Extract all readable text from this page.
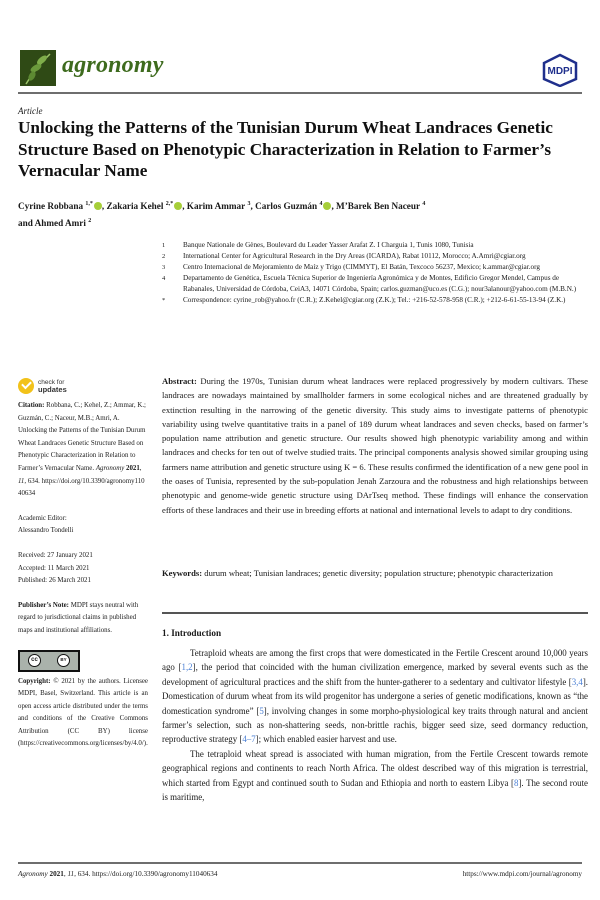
agronomy	MDPI
Article
Unlocking the Patterns of the Tunisian Durum Wheat Landraces Genetic Structure Based on Phenotypic Characterization in Relation to Farmer’s Vernacular Name
Cyrine Robbana $^{1,*}$ , Zakaria Kehel $^{2,*}$ , Karim Ammar $^3$, Carlos Guzmán $^4$ , M’Barek Ben Naceur $^4$
and Ahmed Amri $^2$
1 Banque Nationale de Gènes, Boulevard du Leader Yasser Arafat Z. I Charguia 1, Tunis 1080, Tunisia
2 International Center for Agricultural Research in the Dry Areas (ICARDA), Rabat 10112, Morocco; A.Amri@cgiar.org
3 Centro Internacional de Mejoramiento de Maíz y Trigo (CIMMYT), El Batán, Texcoco 56237, Mexico; k.ammar@cgiar.org
4 Departamento de Genética, Escuela Técnica Superior de Ingeniería Agronómica y de Montes, Edificio Gregor Mendel, Campus de Rabanales, Universidad de Córdoba, CeiA3, 14071 Córdoba, Spain; carlos.guzman@uco.es (C.G.); nour3alanour@yahoo.com (M.B.N.)
* Correspondence: cyrine_rob@yahoo.fr (C.R.); Z.Kehel@cgiar.org (Z.K.); Tel.: +216-52-578-958 (C.R.); +212-6-61-55-13-94 (Z.K.)
check for
updates
Citation: Robbana, C.; Kehel, Z.; Ammar, K.; Guzmán, C.; Naceur, M.B.; Amri, A. Unlocking the Patterns of the Tunisian Durum Wheat Landraces Genetic Structure Based on Phenotypic Characterization in Relation to Farmer’s Vernacular Name. Agronomy 2021, 11, 634. https://doi.org/10.3390/agronomy11040634
Academic Editor:
Alessandro Tondelli
Received: 27 January 2021
Accepted: 11 March 2021
Published: 26 March 2021
Publisher’s Note: MDPI stays neutral with regard to jurisdictional claims in published maps and institutional affiliations.
cc	BY
Copyright: © 2021 by the authors. Licensee MDPI, Basel, Switzerland. This article is an open access article distributed under the terms and conditions of the Creative Commons Attribution (CC BY) license (https://creativecommons.org/licenses/by/4.0/).
Abstract: During the 1970s, Tunisian durum wheat landraces were replaced progressively by modern cultivars. These landraces are nowadays maintained by smallholder farmers in some ecological niches and are threatened gradually by extinction resulting in the narrowing of the genetic diversity. This study aims to investigate patterns of phenotypic variability using twelve quantitative traits in a panel of 189 durum wheat landraces and seven checks, based on farmer’s population name attribution and genetic structure. Our results showed high phenotypic variability among and within landraces and checks for ten out of twelve studied traits. The principal components analysis showed similar grouping using farmers name attribution and genetic structure using K = 6. These results confirmed the identification of a new gene pool in the oases of Tunisia, represented by the sub-population Jenah Zarzoura and the robustness and high relationships between phenotypic and genome-wide genetic structure using DArTseq method. These findings will enhance the conservation efforts of these landraces and their use in breeding efforts at national and international levels to adapt to dry conditions.
Keywords: durum wheat; Tunisian landraces; genetic diversity; population structure; phenotypic characterization
1. Introduction

Tetraploid wheats are among the first crops that were domesticated in the Fertile Crescent around 10,000 years ago [1,2], the period that coincided with the human civilization emergence, marked by several events such as the development of agricultural practices and the shift from the hunter-gatherer to a sedentary and cultivator lifestyle [3,4]. Domestication of durum wheat from its wild progenitor has undergone a series of genetic modifications, known as “the domestication syndrome” [5], involving changes in some morpho-physiological key traits through natural and ancient farmer’s selection, such as non-shattering seeds, non-brittle rachis, bigger seed size, seed dormancy reduction, reproductive strategy [4–7]; which enabled easier harvest and use.

The tetraploid wheat spread is associated with human migration, from the Fertile Crescent towards remote geographical regions and continents to reach North Africa. The oldest described way of this migration is terrestrial, which started from Egypt and continued south to Sudan and Ethiopia and north to eastern Libya [8]. The second route is maritime,

Agronomy 2021, 11, 634. https://doi.org/10.3390/agronomy11040634	https://www.mdpi.com/journal/agronomy
